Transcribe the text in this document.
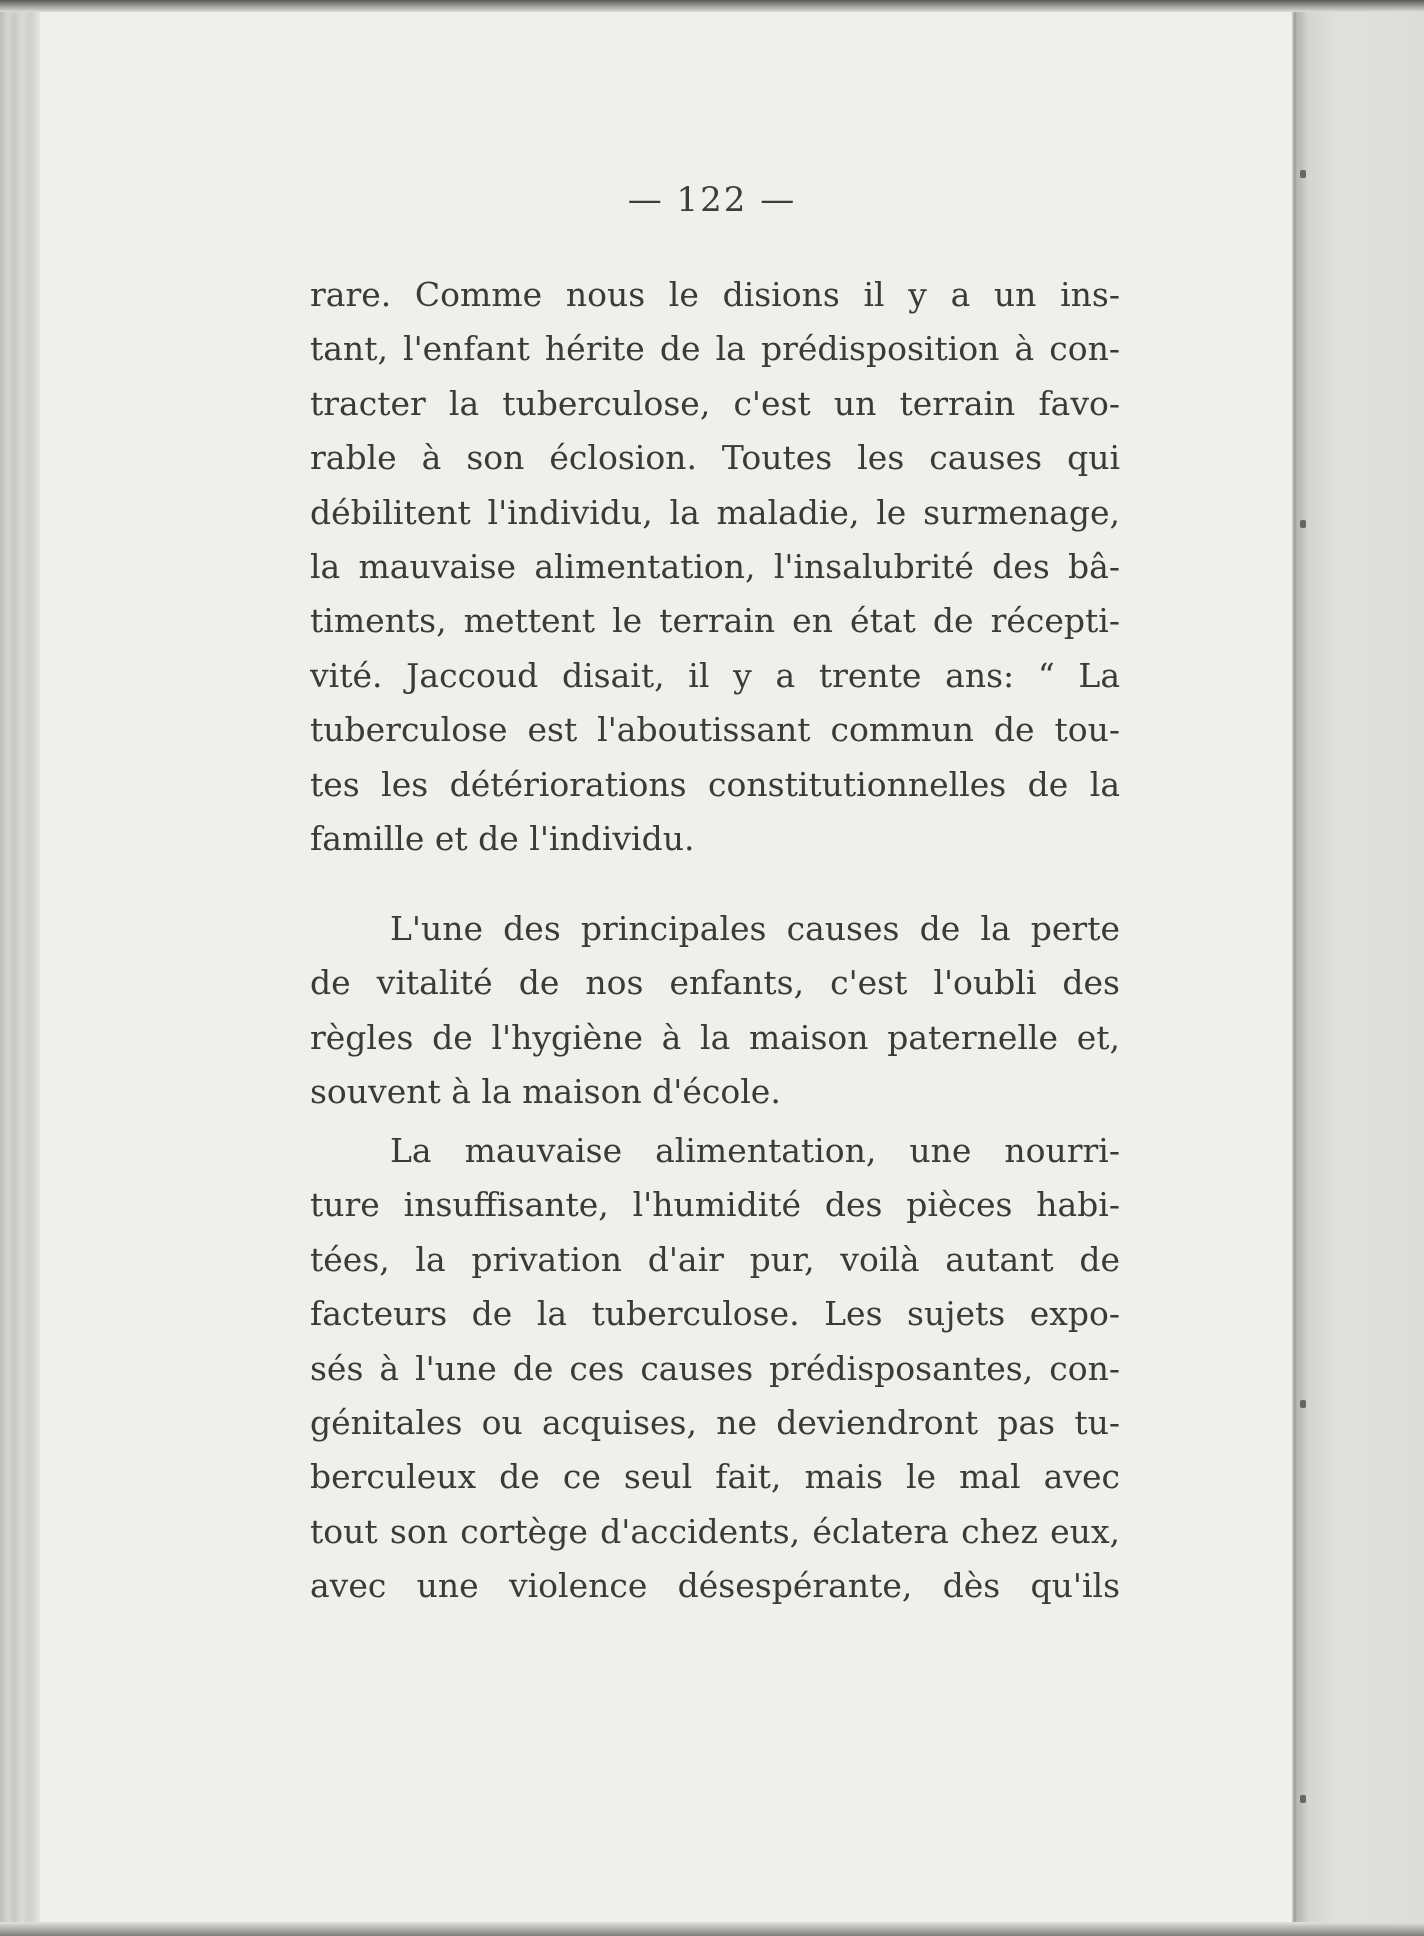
— 122 —
rare. Comme nous le disions il y a un ins-
tant, l'enfant hérite de la prédisposition à con-
tracter la tuberculose, c'est un terrain favo-
rable à son éclosion. Toutes les causes qui
débilitent l'individu, la maladie, le surmenage,
la mauvaise alimentation, l'insalubrité des bâ-
timents, mettent le terrain en état de récepti-
vité. Jaccoud disait, il y a trente ans: “ La
tuberculose est l'aboutissant commun de tou-
tes les détériorations constitutionnelles de la
famille et de l'individu.
L'une des principales causes de la perte
de vitalité de nos enfants, c'est l'oubli des
règles de l'hygiène à la maison paternelle et,
souvent à la maison d'école.
La mauvaise alimentation, une nourri-
ture insuffisante, l'humidité des pièces habi-
tées, la privation d'air pur, voilà autant de
facteurs de la tuberculose. Les sujets expo-
sés à l'une de ces causes prédisposantes, con-
génitales ou acquises, ne deviendront pas tu-
berculeux de ce seul fait, mais le mal avec
tout son cortège d'accidents, éclatera chez eux,
avec une violence désespérante, dès qu'ils
